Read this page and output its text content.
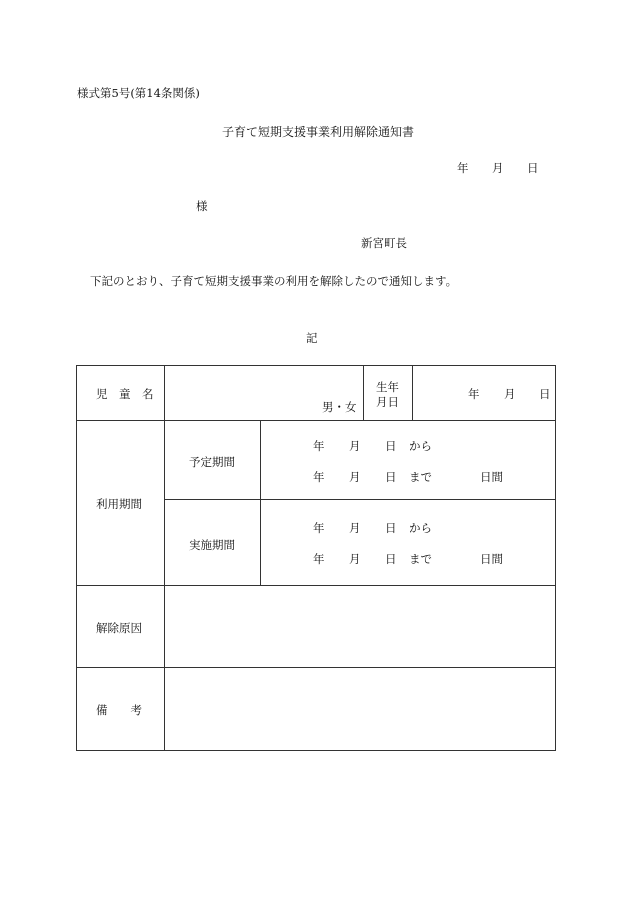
様式第5号(第14条関係)
子育て短期支援事業利用解除通知書
年 月 日
様
新宮町長
下記のとおり、子育て短期支援事業の利用を解除したので通知します。
記
児　童　名
男・女
生年
月日
年 月 日
利用期間
予定期間
年 月 日 から
年 月 日 まで	日間
実施期間
年 月 日 から
年 月 日 まで	日間
解除原因
備　　考
